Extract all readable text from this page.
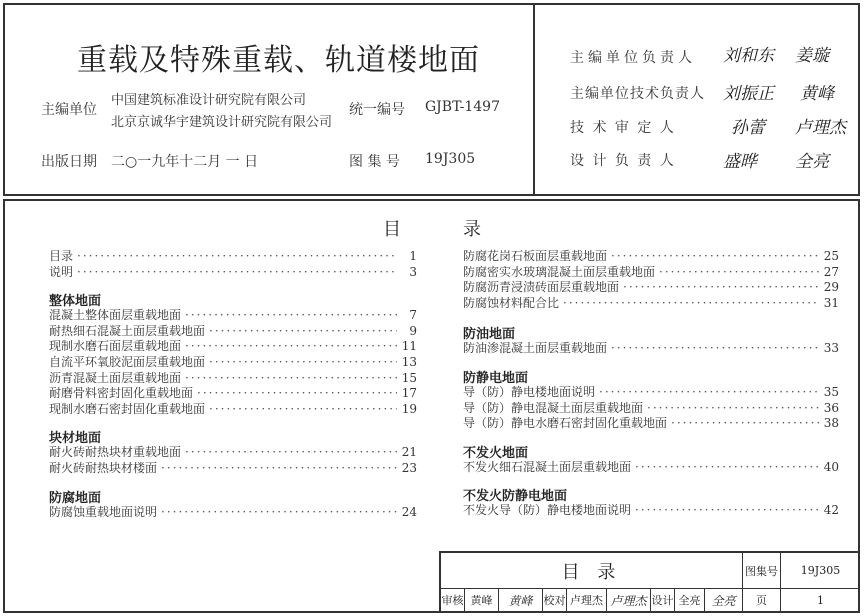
重载及特殊重载、轨道楼地面
主编单位
中国建筑标准设计研究院有限公司
北京京诚华宇建筑设计研究院有限公司
统一编号 GJBT-1497
出版日期 二○一九年十二月 一 日	图 集 号 19J305
主编单位负责人 刘和东 姜璇
主编单位技术负责人 刘振正 黄峰
技 术 审 定 人	孙蕾 卢理杰
设 计 负 责 人	盛晔 全亮
目	录
目录 ·····	1
说明 ·····	3
整体地面
混凝土整体面层重载地面 ·····	7
耐热细石混凝土面层重载地面 ·····	9
现制水磨石面层重载地面 ·····	11
自流平环氧胶泥面层重载地面 ·····	13
沥青混凝土面层重载地面 ·····	15
耐磨骨料密封固化重载地面 ·····	17
现制水磨石密封固化重载地面 ·····	19
块材地面
耐火砖耐热块材重载地面 ·····	21
耐火砖耐热块材楼面 ·····	23
防腐地面
防腐蚀重载地面说明 ·····	24
防腐花岗石板面层重载地面 ·····	25
防腐密实水玻璃混凝土面层重载地面 ·····	27
防腐沥青浸渍砖面层重载地面 ·····	29
防腐蚀材料配合比 ·····	31
防油地面
防油渗混凝土面层重载地面 ·····	33
防静电地面
导（防）静电楼地面说明 ·····	35
导（防）静电混凝土面层重载地面 ·····	36
导（防）静电水磨石密封固化重载地面 ·····	38
不发火地面
不发火细石混凝土面层重载地面 ·····	40
不发火防静电地面
不发火导（防）静电楼地面说明 ·····	42
目 录	图集号	19J305
审核 黄峰	黄峰	校对 卢理杰 卢理杰 设计 全亮 全亮	页	1
